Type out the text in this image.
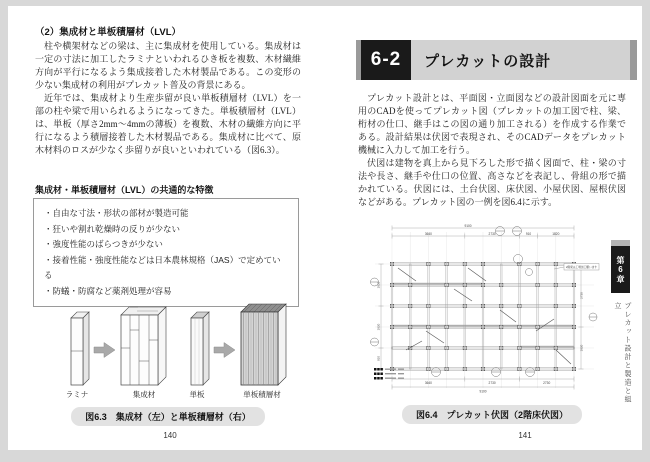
（2）集成材と単板積層材（LVL）

柱や横架材などの梁は、主に集成材を使用している。集成材は一定の寸法に加工したラミナといわれるひき板を複数、木材繊維方向が平行になるよう集成接着した木材製品である。この変形の少ない集成材の利用がプレカット普及の背景にある。

近年では、集成材より生産歩留が良い単板積層材（LVL）を一部の柱や梁で用いられるようになってきた。単板積層材（LVL）は、単板（厚さ2mm〜4mmの薄板）を複数、木材の繊維方向に平行になるよう積層接着した木材製品である。集成材に比べて、原木材料のロスが少なく歩留りが良いといわれている（図6.3）。

集成材・単板積層材（LVL）の共通的な特徴
・自由な寸法・形状の部材が製造可能
・狂いや割れ乾燥時の反りが少ない
・強度性能のばらつきが少ない
・接着性能・強度性能などは日本農林規格（JAS）で定めている
・防蟻・防腐など薬剤処理が容易
ラミナ	集成材	単板	単板積層材
図6.3　集成材（左）と単板積層材（右）
140
6-2	プレカットの設計

プレカット設計とは、平面図・立面図などの設計図面を元に専用のCADを使ってプレカット図（プレカットの加工図で柱、梁、桁材の仕口、継手はこの図の通り加工される）を作成する作業である。設計結果は伏図で表現され、そのCADデータをプレカット機械に入力して加工を行う。

伏図は建物を真上から見下ろした形で描く図面で、柱・梁の寸法や長さ、継手や仕口の位置、高さなどを表記し、骨組の形で描かれている。伏図には、土台伏図、床伏図、小屋伏図、屋根伏図などがある。プレカット図の一例を図6.4に示す。

9100
3640	2730	910	1820
3640	2730	2730
9100
1820
1820
910
2730
1820
2階梁は工場加工願います
図6.4　プレカット伏図（2階床伏図）
141
第6章
プレカット設計と製造と組立
